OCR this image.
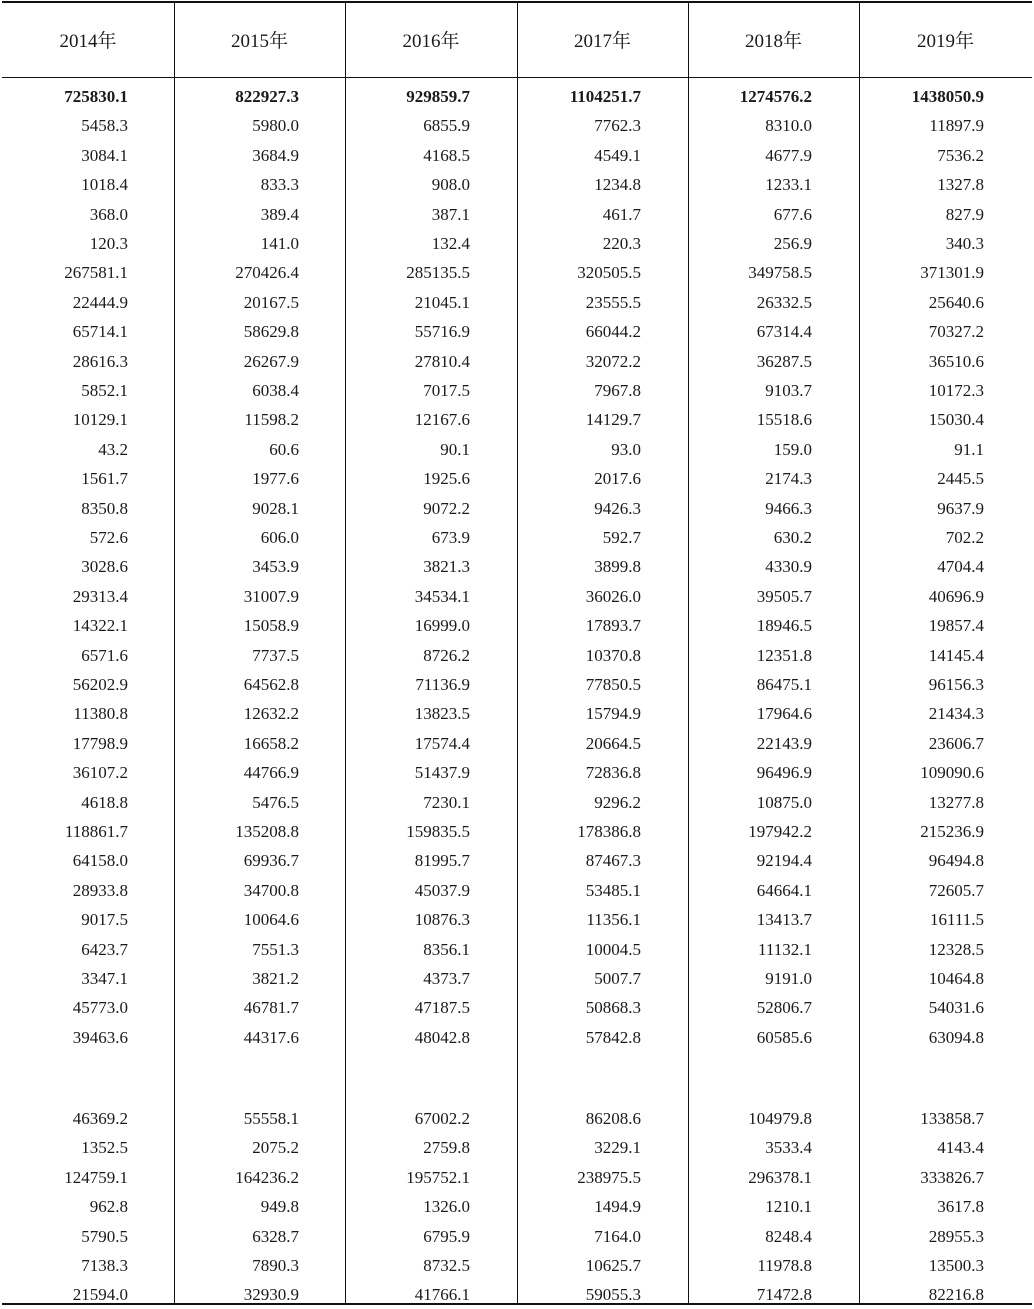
2014年	2015年	2016年	2017年	2018年	2019年
725830.1	822927.3	929859.7	1104251.7	1274576.2	1438050.9
5458.3	5980.0	6855.9	7762.3	8310.0	11897.9
3084.1	3684.9	4168.5	4549.1	4677.9	7536.2
1018.4	833.3	908.0	1234.8	1233.1	1327.8
368.0	389.4	387.1	461.7	677.6	827.9
120.3	141.0	132.4	220.3	256.9	340.3
267581.1	270426.4	285135.5	320505.5	349758.5	371301.9
22444.9	20167.5	21045.1	23555.5	26332.5	25640.6
65714.1	58629.8	55716.9	66044.2	67314.4	70327.2
28616.3	26267.9	27810.4	32072.2	36287.5	36510.6
5852.1	6038.4	7017.5	7967.8	9103.7	10172.3
10129.1	11598.2	12167.6	14129.7	15518.6	15030.4
43.2	60.6	90.1	93.0	159.0	91.1
1561.7	1977.6	1925.6	2017.6	2174.3	2445.5
8350.8	9028.1	9072.2	9426.3	9466.3	9637.9
572.6	606.0	673.9	592.7	630.2	702.2
3028.6	3453.9	3821.3	3899.8	4330.9	4704.4
29313.4	31007.9	34534.1	36026.0	39505.7	40696.9
14322.1	15058.9	16999.0	17893.7	18946.5	19857.4
6571.6	7737.5	8726.2	10370.8	12351.8	14145.4
56202.9	64562.8	71136.9	77850.5	86475.1	96156.3
11380.8	12632.2	13823.5	15794.9	17964.6	21434.3
17798.9	16658.2	17574.4	20664.5	22143.9	23606.7
36107.2	44766.9	51437.9	72836.8	96496.9	109090.6
4618.8	5476.5	7230.1	9296.2	10875.0	13277.8
118861.7	135208.8	159835.5	178386.8	197942.2	215236.9
64158.0	69936.7	81995.7	87467.3	92194.4	96494.8
28933.8	34700.8	45037.9	53485.1	64664.1	72605.7
9017.5	10064.6	10876.3	11356.1	13413.7	16111.5
6423.7	7551.3	8356.1	10004.5	11132.1	12328.5
3347.1	3821.2	4373.7	5007.7	9191.0	10464.8
45773.0	46781.7	47187.5	50868.3	52806.7	54031.6
39463.6	44317.6	48042.8	57842.8	60585.6	63094.8
46369.2	55558.1	67002.2	86208.6	104979.8	133858.7
1352.5	2075.2	2759.8	3229.1	3533.4	4143.4
124759.1	164236.2	195752.1	238975.5	296378.1	333826.7
962.8	949.8	1326.0	1494.9	1210.1	3617.8
5790.5	6328.7	6795.9	7164.0	8248.4	28955.3
7138.3	7890.3	8732.5	10625.7	11978.8	13500.3
21594.0	32930.9	41766.1	59055.3	71472.8	82216.8
